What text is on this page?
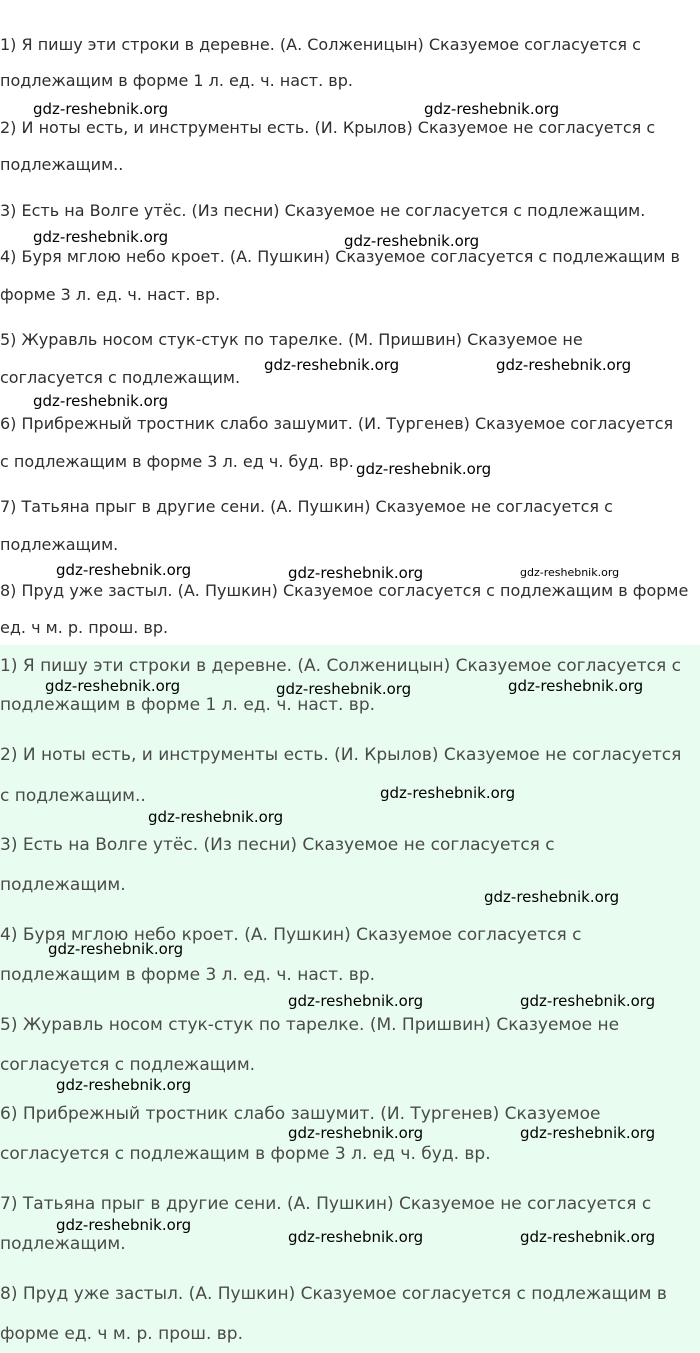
1) Я пишу эти строки в деревне. (А. Солженицын) Сказуемое согласуется с
подлежащим в форме 1 л. ед. ч. наст. вр.
2) И ноты есть, и инструменты есть. (И. Крылов) Сказуемое не согласуется с
подлежащим..
3) Есть на Волге утёс. (Из песни) Сказуемое не согласуется с подлежащим.
4) Буря мглою небо кроет. (А. Пушкин) Сказуемое согласуется с подлежащим в
форме 3 л. ед. ч. наст. вр.
5) Журавль носом стук-стук по тарелке. (М. Пришвин) Сказуемое не
согласуется с подлежащим.
6) Прибрежный тростник слабо зашумит. (И. Тургенев) Сказуемое согласуется
с подлежащим в форме 3 л. ед ч. буд. вр.
7) Татьяна прыг в другие сени. (А. Пушкин) Сказуемое не согласуется с
подлежащим.
8) Пруд уже застыл. (А. Пушкин) Сказуемое согласуется с подлежащим в форме
ед. ч м. р. прош. вр.
1) Я пишу эти строки в деревне. (А. Солженицын) Сказуемое согласуется с
подлежащим в форме 1 л. ед. ч. наст. вр.
2) И ноты есть, и инструменты есть. (И. Крылов) Сказуемое не согласуется
с подлежащим..
3) Есть на Волге утёс. (Из песни) Сказуемое не согласуется с
подлежащим.
4) Буря мглою небо кроет. (А. Пушкин) Сказуемое согласуется с
подлежащим в форме 3 л. ед. ч. наст. вр.
5) Журавль носом стук-стук по тарелке. (М. Пришвин) Сказуемое не
согласуется с подлежащим.
6) Прибрежный тростник слабо зашумит. (И. Тургенев) Сказуемое
согласуется с подлежащим в форме 3 л. ед ч. буд. вр.
7) Татьяна прыг в другие сени. (А. Пушкин) Сказуемое не согласуется с
подлежащим.
8) Пруд уже застыл. (А. Пушкин) Сказуемое согласуется с подлежащим в
форме ед. ч м. р. прош. вр.
gdz-reshebnik.org	gdz-reshebnik.org
gdz-reshebnik.org	gdz-reshebnik.org
gdz-reshebnik.org	gdz-reshebnik.org
gdz-reshebnik.org
gdz-reshebnik.org
gdz-reshebnik.org	gdz-reshebnik.org	gdz-reshebnik.org
gdz-reshebnik.org	gdz-reshebnik.org	gdz-reshebnik.org
gdz-reshebnik.org
gdz-reshebnik.org
gdz-reshebnik.org
gdz-reshebnik.org
gdz-reshebnik.org	gdz-reshebnik.org
gdz-reshebnik.org
gdz-reshebnik.org	gdz-reshebnik.org
gdz-reshebnik.org
gdz-reshebnik.org	gdz-reshebnik.org
